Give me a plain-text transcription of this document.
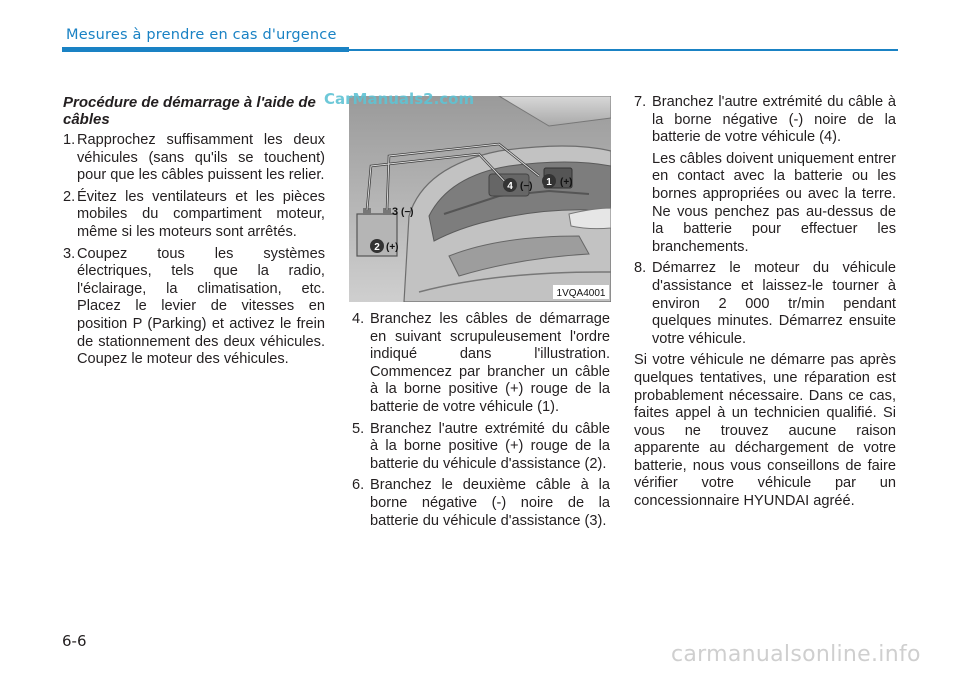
Mesures à prendre en cas d'urgence
Procédure de démarrage à l'aide de câbles
1. Rapprochez suffisamment les deux véhicules (sans qu'ils se touchent) pour que les câbles puissent les relier.
2. Évitez les ventilateurs et les pièces mobiles du compartiment moteur, même si les moteurs sont arrêtés.
3. Coupez tous les systèmes électriques, tels que la radio, l'éclairage, la climatisation, etc. Placez le levier de vitesses en position P (Parking) et activez le frein de stationnement des deux véhicules. Coupez le moteur des véhicules.
1 (+)
4 (−)
3 (−)
2 (+)
1VQA4001
CarManuals2.com
4. Branchez les câbles de démarrage en suivant scrupuleusement l'ordre indiqué dans l'illustration. Commencez par brancher un câble à la borne positive (+) rouge de la batterie de votre véhicule (1).
5. Branchez l'autre extrémité du câble à la borne positive (+) rouge de la batterie du véhicule d'assistance (2).
6. Branchez le deuxième câble à la borne négative (-) noire de la batterie du véhicule d'assistance (3).
7. Branchez l'autre extrémité du câble à la borne négative (-) noire de la batterie de votre véhicule (4).

Les câbles doivent uniquement entrer en contact avec la batterie ou les bornes appropriées ou avec la terre. Ne vous penchez pas au-dessus de la batterie pour effectuer les branchements.

8. Démarrez le moteur du véhicule d'assistance et laissez-le tourner à environ 2 000 tr/min pendant quelques minutes. Démarrez ensuite votre véhicule.

Si votre véhicule ne démarre pas après quelques tentatives, une réparation est probablement nécessaire. Dans ce cas, faites appel à un technicien qualifié. Si vous ne trouvez aucune raison apparente au déchargement de votre batterie, nous vous conseillons de faire vérifier votre véhicule par un concessionnaire HYUNDAI agréé.

6-6
carmanualsonline.info
